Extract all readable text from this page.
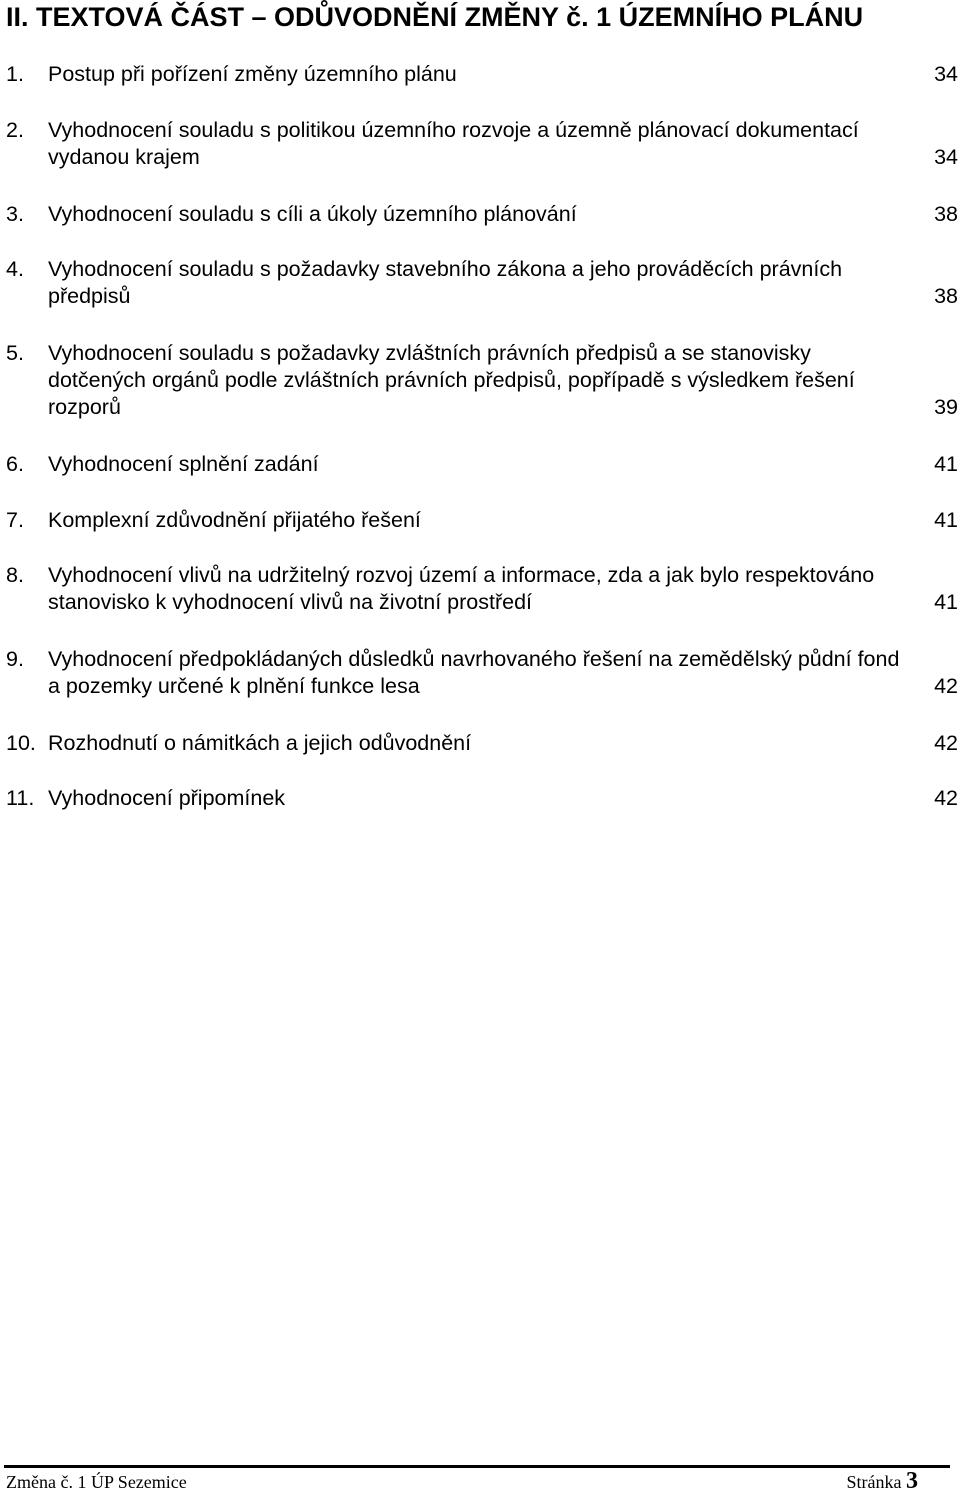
II. TEXTOVÁ ČÁST – ODŮVODNĚNÍ ZMĚNY č. 1 ÚZEMNÍHO PLÁNU
1. Postup při pořízení změny územního plánu	34
2. Vyhodnocení souladu s politikou územního rozvoje a územně plánovací dokumentací vydanou krajem	34
3. Vyhodnocení souladu s cíli a úkoly územního plánování	38
4. Vyhodnocení souladu s požadavky stavebního zákona a jeho prováděcích právních předpisů	38
5. Vyhodnocení souladu s požadavky zvláštních právních předpisů a se stanovisky dotčených orgánů podle zvláštních právních předpisů, popřípadě s výsledkem řešení rozporů	39
6. Vyhodnocení splnění zadání	41
7. Komplexní zdůvodnění přijatého řešení	41
8. Vyhodnocení vlivů na udržitelný rozvoj území a informace, zda a jak bylo respektováno stanovisko k vyhodnocení vlivů na životní prostředí	41
9. Vyhodnocení předpokládaných důsledků navrhovaného řešení na zemědělský půdní fond a pozemky určené k plnění funkce lesa	42
10. Rozhodnutí o námitkách a jejich odůvodnění	42
11. Vyhodnocení připomínek	42
Změna č. 1 ÚP Sezemice	Stránka 3
